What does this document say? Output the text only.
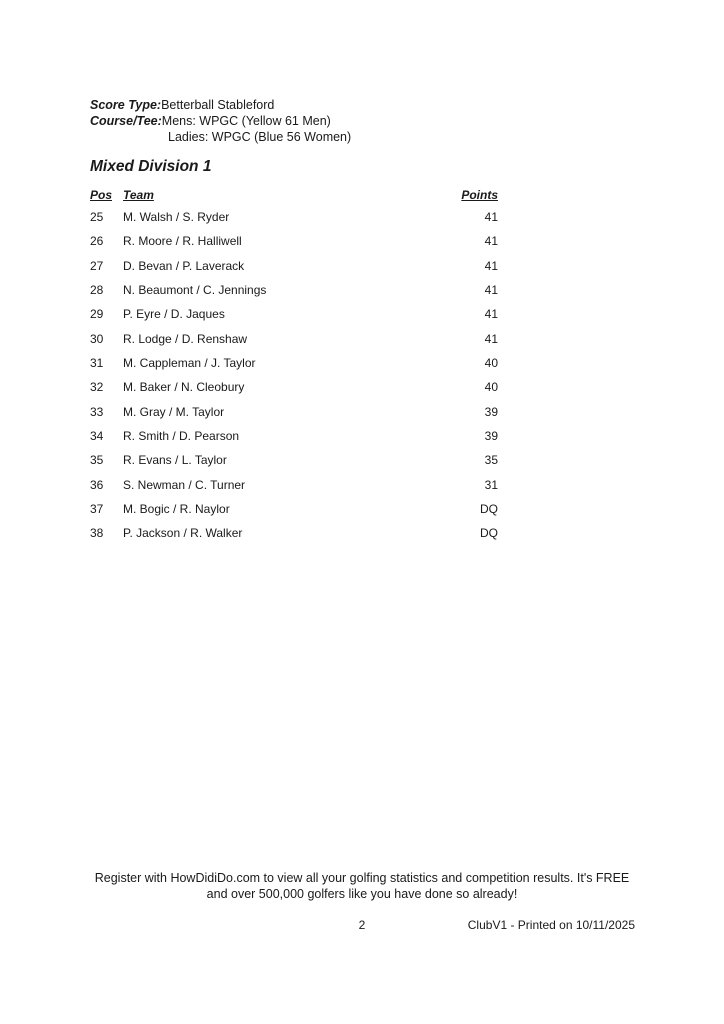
Score Type:Betterball Stableford
Course/Tee:Mens: WPGC (Yellow 61 Men)
Ladies: WPGC (Blue 56 Women)
Mixed Division 1
Pos Team	Points
25	M. Walsh / S. Ryder	41
26	R. Moore / R. Halliwell	41
27	D. Bevan / P. Laverack	41
28	N. Beaumont / C. Jennings	41
29	P. Eyre / D. Jaques	41
30	R. Lodge / D. Renshaw	41
31	M. Cappleman / J. Taylor	40
32	M. Baker / N. Cleobury	40
33	M. Gray / M. Taylor	39
34	R. Smith / D. Pearson	39
35	R. Evans / L. Taylor	35
36	S. Newman / C. Turner	31
37	M. Bogic / R. Naylor	DQ
38	P. Jackson / R. Walker	DQ
Register with HowDidiDo.com to view all your golfing statistics and competition results. It's FREE
and over 500,000 golfers like you have done so already!
2	ClubV1 - Printed on 10/11/2025
